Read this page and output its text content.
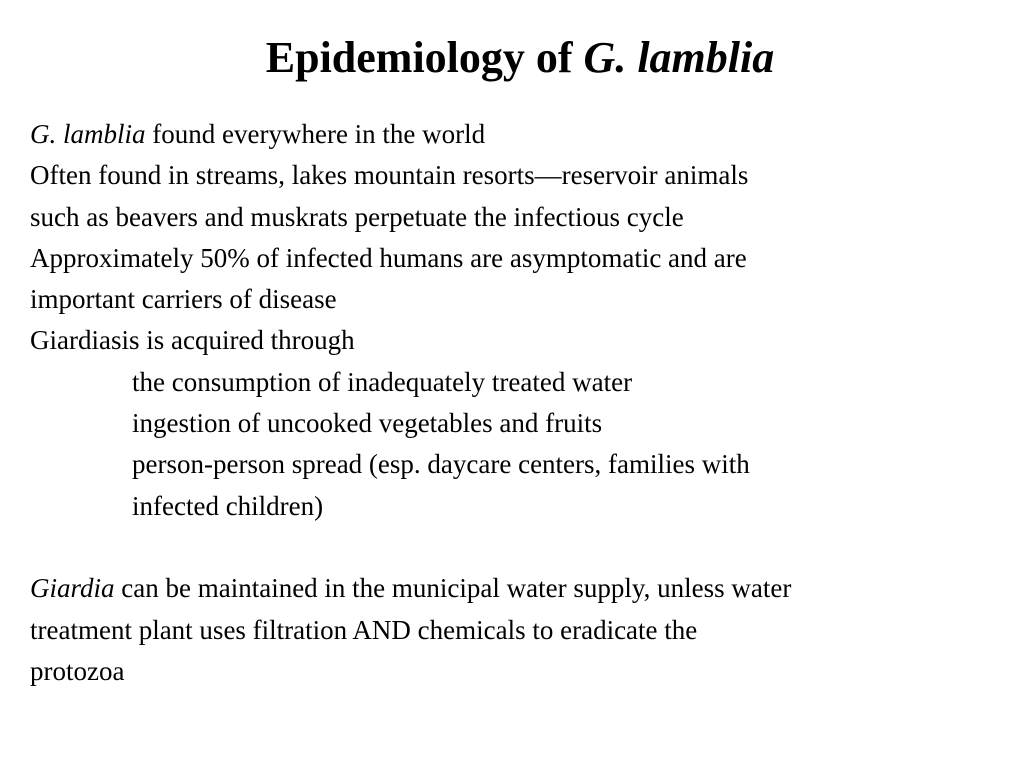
Epidemiology of G. lamblia
G. lamblia found everywhere in the world
Often found in streams, lakes mountain resorts—reservoir animals
such as beavers and muskrats perpetuate the infectious cycle
Approximately 50% of infected humans are asymptomatic and are
important carriers of disease
Giardiasis is acquired through
the consumption of inadequately treated water
ingestion of uncooked vegetables and fruits
person-person spread (esp. daycare centers, families with
infected children)
Giardia can be maintained in the municipal water supply, unless water
treatment plant uses filtration AND chemicals to eradicate the
protozoa
